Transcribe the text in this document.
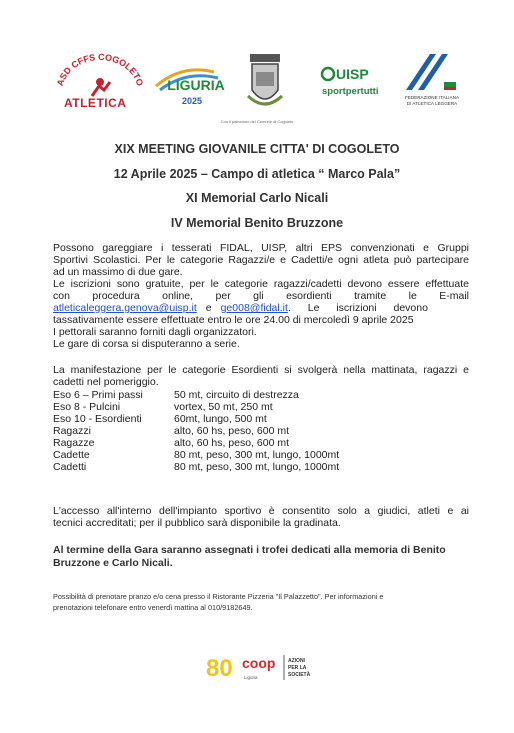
ASD CFFS COGOLETO
ATLETICA
LIGURIA
2025
UISP
sportpertutti
FEDERAZIONE ITALIANA
DI ATLETICA LEGGERA
Con il patrocinio del Comune di Cogoleto
XIX MEETING GIOVANILE CITTA' DI COGOLETO
12 Aprile 2025 – Campo di atletica “ Marco Pala”
XI Memorial Carlo Nicali
IV Memorial Benito Bruzzone
Possono gareggiare i tesserati FIDAL, UISP, altri EPS convenzionati e Gruppi
Sportivi Scolastici. Per le categorie Ragazzi/e e Cadetti/e ogni atleta può partecipare
ad un massimo di due gare.
Le iscrizioni sono gratuite, per le categorie ragazzi/cadetti devono essere effettuate
con procedura online, per gli esordienti tramite le E-mail
atleticaleggera.genova@uisp.it e ge008@fidal.it. Le iscrizioni devono
tassativamente essere effettuate entro le ore 24.00 di mercoledì 9 aprile 2025
I pettorali saranno forniti dagli organizzatori.
Le gare di corsa si disputeranno a serie.
La manifestazione per le categorie Esordienti si svolgerà nella mattinata, ragazzi e
cadetti nel pomeriggio.
Eso 6 – Primi passi	50 mt, circuito di destrezza
Eso 8 - Pulcini	vortex, 50 mt, 250 mt
Eso 10 - Esordienti	60mt, lungo, 500 mt
Ragazzi	alto, 60 hs, peso, 600 mt
Ragazze	alto, 60 hs, peso, 600 mt
Cadette	80 mt, peso, 300 mt, lungo, 1000mt
Cadetti	80 mt, peso, 300 mt, lungo, 1000mt
L'accesso all'interno dell'impianto sportivo è consentito solo a giudici, atleti e ai
tecnici accreditati; per il pubblico sarà disponibile la gradinata.
Al termine della Gara saranno assegnati i trofei dedicati alla memoria di Benito
Bruzzone e Carlo Nicali.
Possibilità di prenotare pranzo e/o cena presso il Ristorante Pizzeria "Il Palazzetto". Per informazioni e
prenotazioni telefonare entro venerdì mattina al 010/9182649.
80 coop
Liguria
AZIONI
PER LA
SOCIETÀ
